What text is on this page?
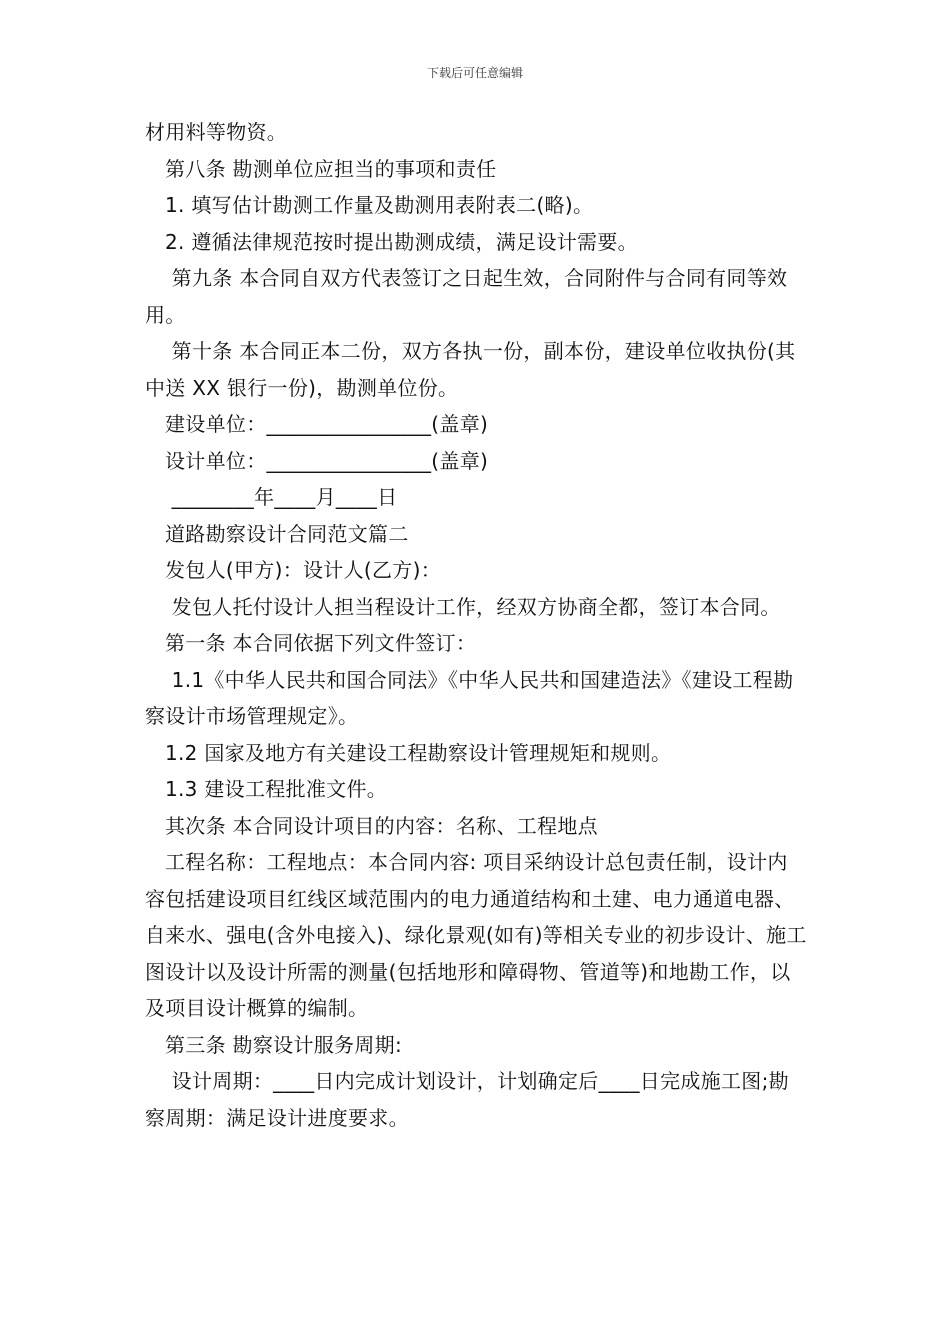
下载后可任意编辑

材用料等物资。

第八条 勘测单位应担当的事项和责任

1. 填写估计勘测工作量及勘测用表附表二(略)。

2. 遵循法律规范按时提出勘测成绩，满足设计需要。

第九条 本合同自双方代表签订之日起生效，合同附件与合同有同等效用。

第十条 本合同正本二份，双方各执一份，副本份，建设单位收执份(其中送 XX 银行一份)，勘测单位份。

建设单位：________________(盖章)

设计单位：________________(盖章)

________年____月____日

道路勘察设计合同范文篇二

发包人(甲方)：设计人(乙方)：

发包人托付设计人担当程设计工作，经双方协商全都，签订本合同。

第一条 本合同依据下列文件签订：

1.1《中华人民共和国合同法》《中华人民共和国建造法》《建设工程勘察设计市场管理规定》。

1.2 国家及地方有关建设工程勘察设计管理规矩和规则。

1.3 建设工程批准文件。

其次条 本合同设计项目的内容：名称、工程地点

工程名称：工程地点：本合同内容: 项目采纳设计总包责任制，设计内容包括建设项目红线区域范围内的电力通道结构和土建、电力通道电器、自来水、强电(含外电接入)、绿化景观(如有)等相关专业的初步设计、施工图设计以及设计所需的测量(包括地形和障碍物、管道等)和地勘工作，以及项目设计概算的编制。

第三条 勘察设计服务周期:

设计周期：____日内完成计划设计，计划确定后____日完成施工图;勘察周期：满足设计进度要求。
